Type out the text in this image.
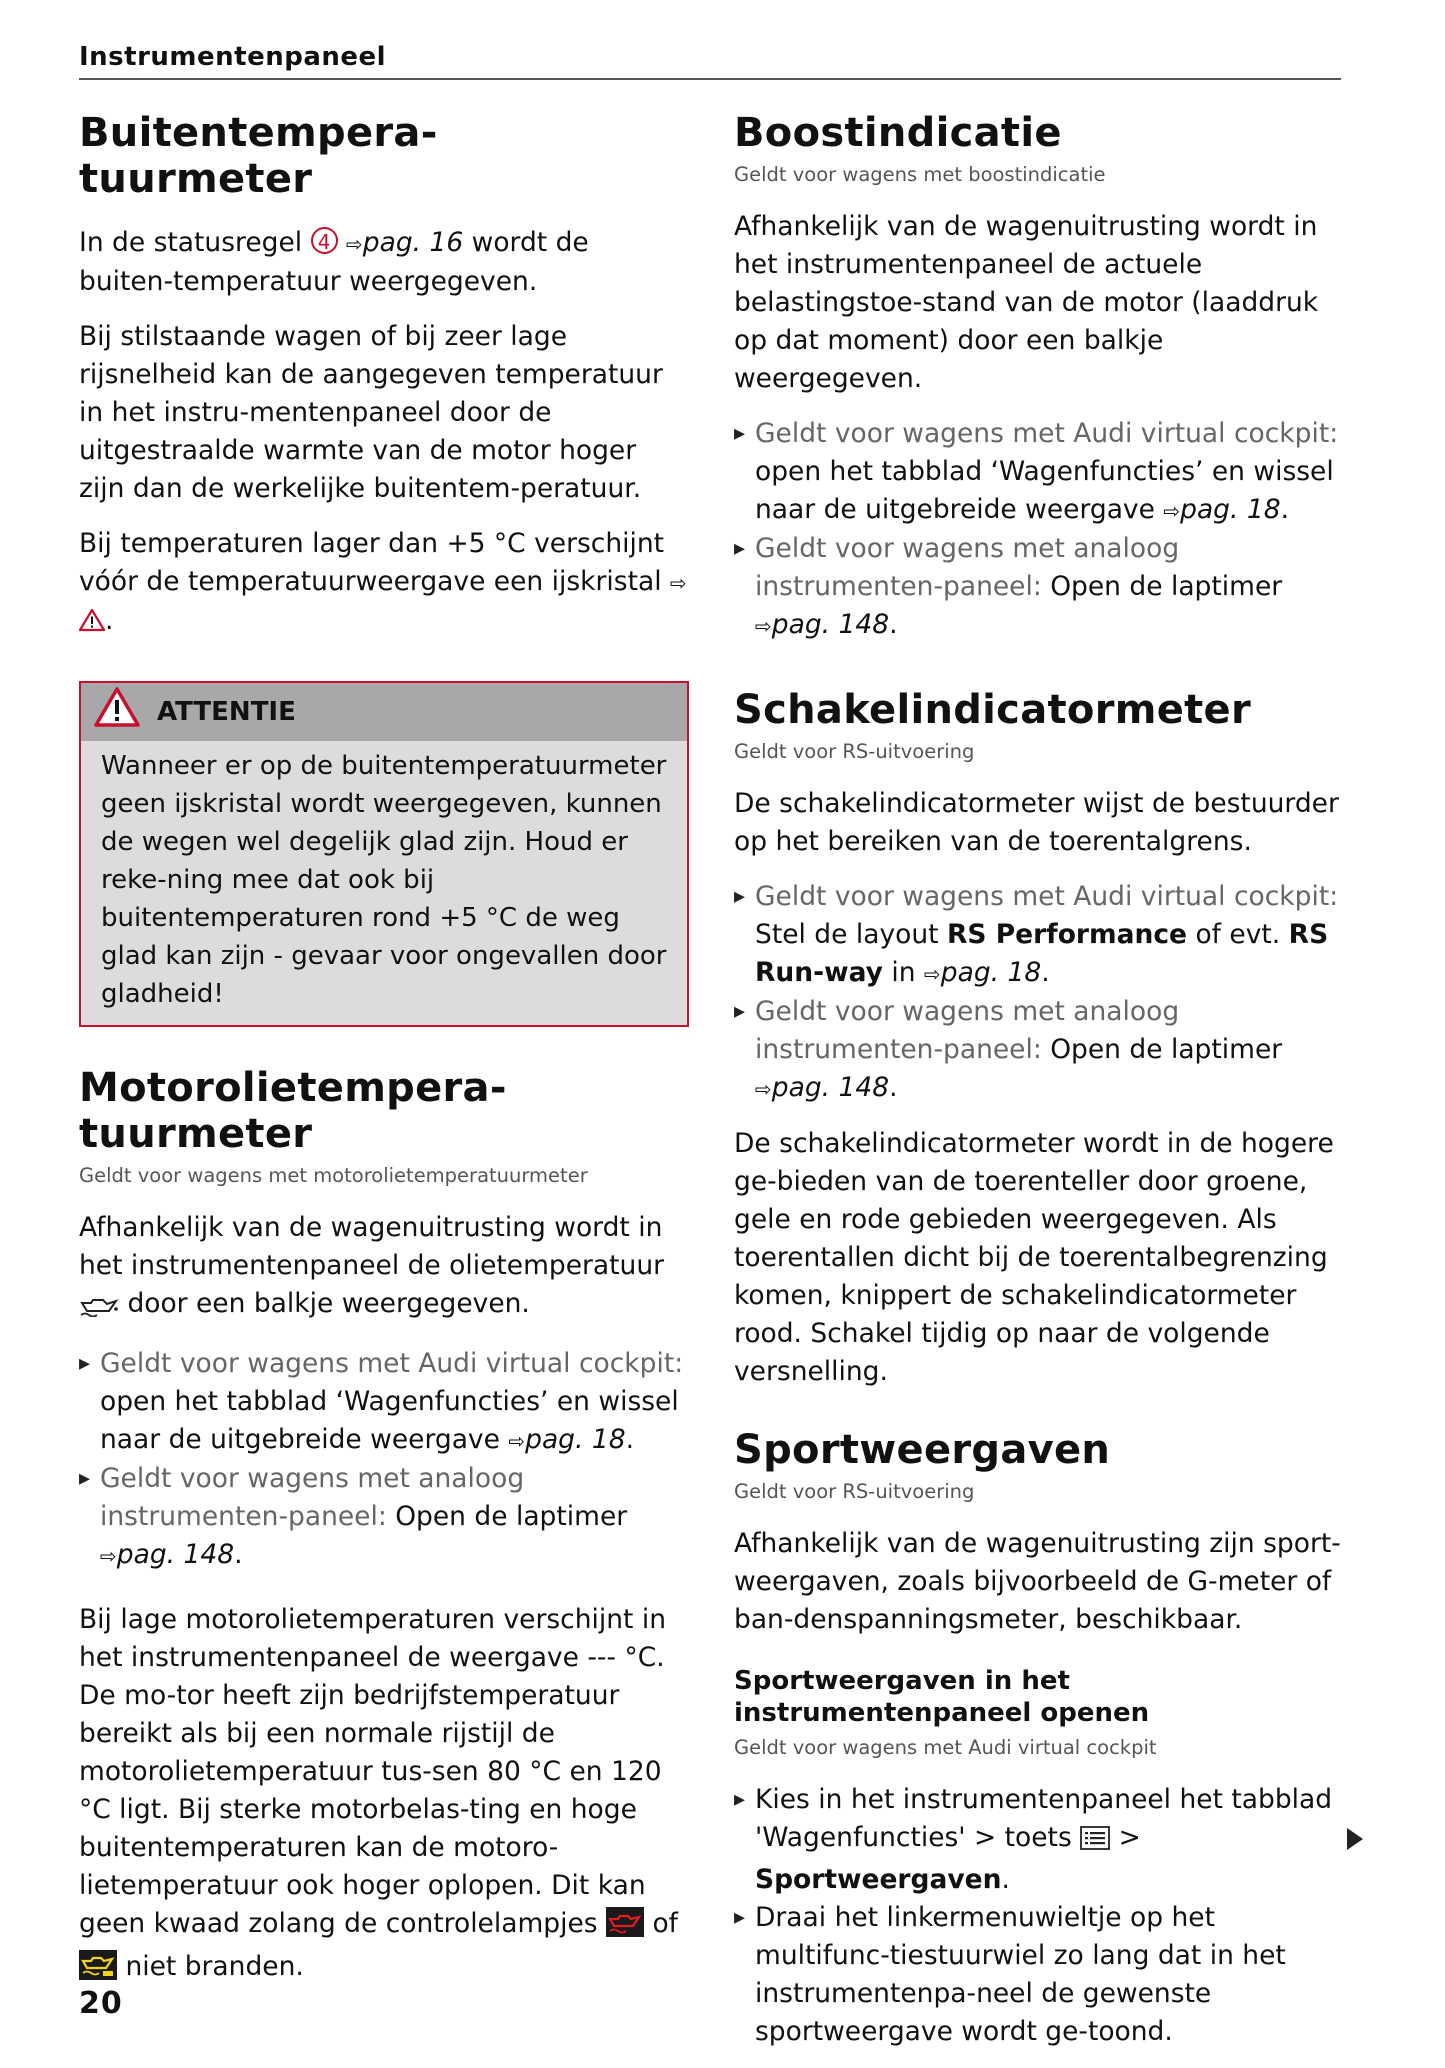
Instrumentenpaneel
Buitentempera-
tuurmeter

In de statusregel 4 ⇨pag. 16 wordt de buiten-temperatuur weergegeven.

Bij stilstaande wagen of bij zeer lage rijsnelheid kan de aangegeven temperatuur in het instru-mentenpaneel door de uitgestraalde warmte van de motor hoger zijn dan de werkelijke buitentem-peratuur.

Bij temperaturen lager dan +5 °C verschijnt vóór de temperatuurweergave een ijskristal ⇨.

ATTENTIE
Wanneer er op de buitentemperatuurmeter geen ijskristal wordt weergegeven, kunnen de wegen wel degelijk glad zijn. Houd er reke-ning mee dat ook bij buitentemperaturen rond +5 °C de weg glad kan zijn - gevaar voor ongevallen door gladheid!
Motorolietempera-
tuurmeter
Geldt voor wagens met motorolietemperatuurmeter

Afhankelijk van de wagenuitrusting wordt in het instrumentenpaneel de olietemperatuur  door een balkje weergegeven.

▸ Geldt voor wagens met Audi virtual cockpit: open het tabblad ‘Wagenfuncties’ en wissel naar de uitgebreide weergave ⇨pag. 18.
▸ Geldt voor wagens met analoog instrumenten-paneel: Open de laptimer ⇨pag. 148.

Bij lage motorolietemperaturen verschijnt in het instrumentenpaneel de weergave --- °C. De mo-tor heeft zijn bedrijfstemperatuur bereikt als bij een normale rijstijl de motorolietemperatuur tus-sen 80 °C en 120 °C ligt. Bij sterke motorbelas-ting en hoge buitentemperaturen kan de motoro-lietemperatuur ook hoger oplopen. Dit kan geen kwaad zolang de controlelampjes of  niet branden.

Boostindicatie
Geldt voor wagens met boostindicatie

Afhankelijk van de wagenuitrusting wordt in het instrumentenpaneel de actuele belastingstoe-stand van de motor (laaddruk op dat moment) door een balkje weergegeven.

▸ Geldt voor wagens met Audi virtual cockpit: open het tabblad ‘Wagenfuncties’ en wissel naar de uitgebreide weergave ⇨pag. 18.
▸ Geldt voor wagens met analoog instrumenten-paneel: Open de laptimer ⇨pag. 148.
Schakelindicatormeter
Geldt voor RS-uitvoering

De schakelindicatormeter wijst de bestuurder op het bereiken van de toerentalgrens.

▸ Geldt voor wagens met Audi virtual cockpit: Stel de layout RS Performance of evt. RS Run-way in ⇨pag. 18.
▸ Geldt voor wagens met analoog instrumenten-paneel: Open de laptimer ⇨pag. 148.

De schakelindicatormeter wordt in de hogere ge-bieden van de toerenteller door groene, gele en rode gebieden weergegeven. Als toerentallen dicht bij de toerentalbegrenzing komen, knippert de schakelindicatormeter rood. Schakel tijdig op naar de volgende versnelling.

Sportweergaven
Geldt voor RS-uitvoering

Afhankelijk van de wagenuitrusting zijn sport-weergaven, zoals bijvoorbeeld de G-meter of ban-denspanningsmeter, beschikbaar.

Sportweergaven in het instrumentenpaneel openen
Geldt voor wagens met Audi virtual cockpit
▸ Kies in het instrumentenpaneel het tabblad 'Wagenfuncties' > toets > Sportweergaven.
▸ Draai het linkermenuwieltje op het multifunc-tiestuurwiel zo lang dat in het instrumentenpa-neel de gewenste sportweergave wordt ge-toond.
20
